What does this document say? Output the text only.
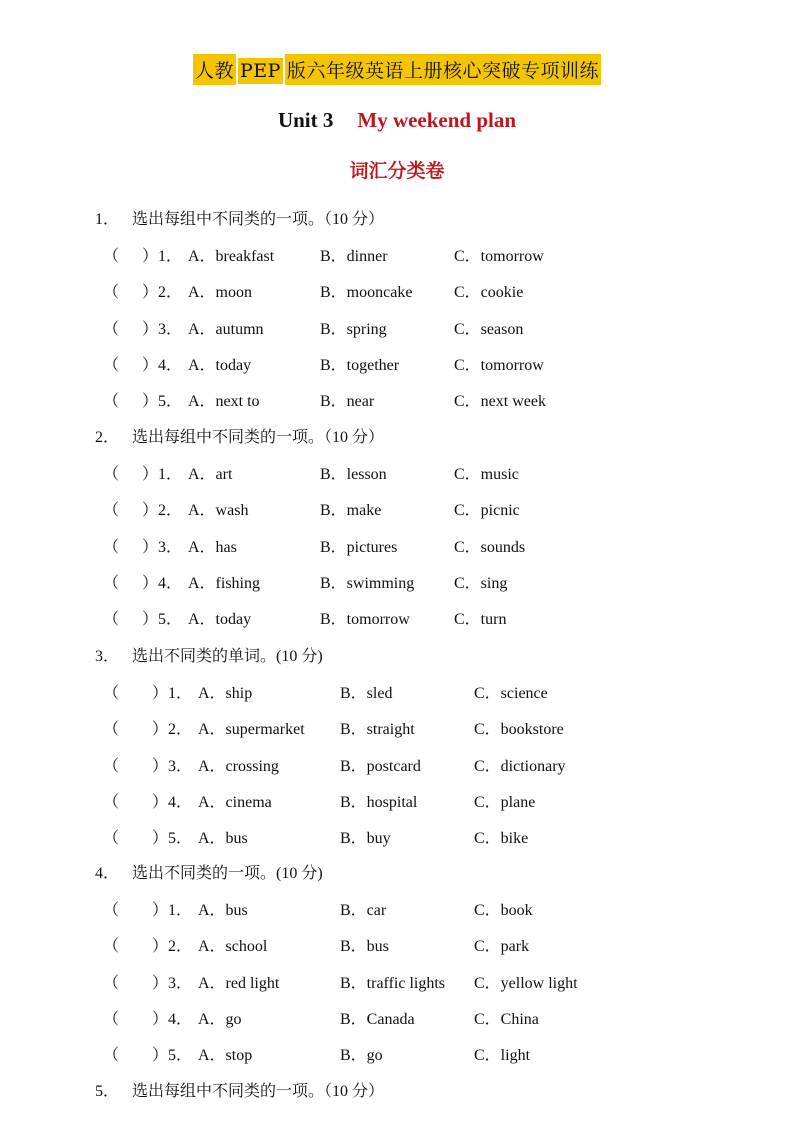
人教 PEP 版六年级英语上册核心突破专项训练
Unit 3 My weekend plan
词汇分类卷
1． 选出每组中不同类的一项。（10 分）
（ ） 1． A．breakfast	B．dinner	C．tomorrow
（ ） 2． A．moon	B．mooncake	C．cookie
（ ） 3． A．autumn	B．spring	C．season
（ ） 4． A．today	B．together	C．tomorrow
（ ） 5． A．next to	B．near	C．next week
2． 选出每组中不同类的一项。（10 分）
（ ） 1． A．art	B．lesson	C．music
（ ） 2． A．wash	B．make	C．picnic
（ ） 3． A．has	B．pictures	C．sounds
（ ） 4． A．fishing	B．swimming C．sing
（ ） 5． A．today	B．tomorrow	C．turn
3． 选出不同类的单词。(10 分)
（ ） 1． A．ship	B．sled	C．science
（ ） 2． A．supermarket B．straight	C．bookstore
（ ） 3． A．crossing	B．postcard	C．dictionary
（ ） 4． A．cinema	B．hospital	C．plane
（ ） 5． A．bus	B．buy	C．bike
4． 选出不同类的一项。(10 分)
（ ） 1． A．bus	B．car	C．book
（ ） 2． A．school	B．bus	C．park
（ ） 3． A．red light	B．traffic lights C．yellow light
（ ） 4． A．go	B．Canada	C．China
（ ） 5． A．stop	B．go	C．light
5． 选出每组中不同类的一项。（10 分）
